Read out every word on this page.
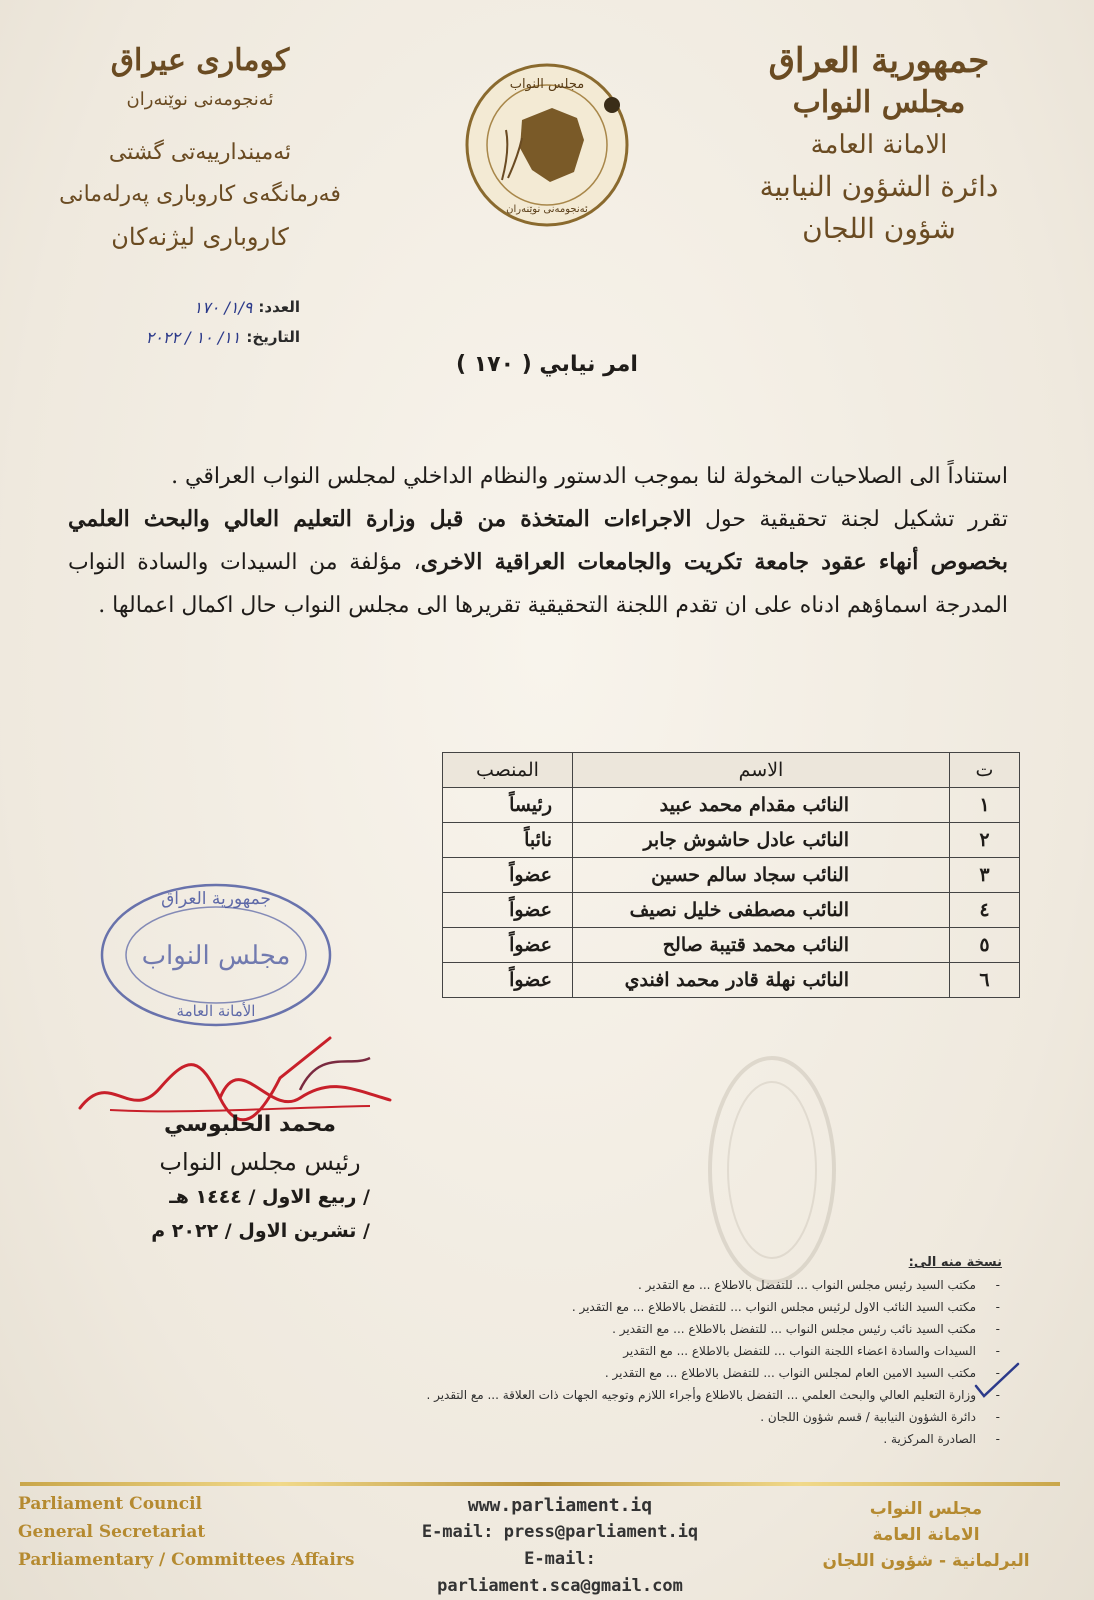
جمهورية العراق
مجلس النواب
الامانة العامة
دائرة الشؤون النيابية
شؤون اللجان
مجلس النواب
ئەنجومەنی نوێنەران
كوماری عیراق
ئەنجومەنی نوێنەران
ئەمیندارییەتی گشتی
فەرمانگەی کاروباری پەرلەمانی
کاروباری لیژنەکان
العدد:
١/٩/ ١٧٠
التاريخ:
١١/ ١٠ / ٢٠٢٢
امر نيابي ( ١٧٠ )

استناداً الى الصلاحيات المخولة لنا بموجب الدستور والنظام الداخلي لمجلس النواب العراقي .

تقرر تشكيل لجنة تحقيقية حول الاجراءات المتخذة من قبل وزارة التعليم العالي والبحث العلمي بخصوص أنهاء عقود جامعة تكريت والجامعات العراقية الاخرى، مؤلفة من السيدات والسادة النواب المدرجة اسماؤهم ادناه على ان تقدم اللجنة التحقيقية تقريرها الى مجلس النواب حال اكمال اعمالها .

ت	الاسم	المنصب
١	النائب مقدام محمد عبيد	رئيساً
٢	النائب عادل حاشوش جابر	نائباً
٣	النائب سجاد سالم حسين	عضواً
٤	النائب مصطفى خليل نصيف	عضواً
٥	النائب محمد قتيبة صالح	عضواً
٦	النائب نهلة قادر محمد افندي	عضواً
جمهورية العراق
مجلس النواب
الأمانة العامة
محمد الحلبوسي
رئيس مجلس النواب
/ ربيع الاول / ١٤٤٤ هـ
/ تشرين الاول / ٢٠٢٢ م
نسخة منه الى:
- مكتب السيد رئيس مجلس النواب ... للتفضل بالاطلاع ... مع التقدير .
- مكتب السيد النائب الاول لرئيس مجلس النواب ... للتفضل بالاطلاع ... مع التقدير .
- مكتب السيد نائب رئيس مجلس النواب ... للتفضل بالاطلاع ... مع التقدير .
- السيدات والسادة اعضاء اللجنة النواب ... للتفضل بالاطلاع ... مع التقدير
- مكتب السيد الامين العام لمجلس النواب ... للتفضل بالاطلاع ... مع التقدير .
- وزارة التعليم العالي والبحث العلمي ... التفضل بالاطلاع وأجراء اللازم وتوجيه الجهات ذات العلاقة ... مع التقدير .
- دائرة الشؤون النيابية / قسم شؤون اللجان .
- الصادرة المركزية .
Parliament Council
General Secretariat
Parliamentary / Committees Affairs
www.parliament.iq
E-mail: press@parliament.iq
E-mail: parliament.sca@gmail.com
مجلس النواب
الامانة العامة
البرلمانية - شؤون اللجان
